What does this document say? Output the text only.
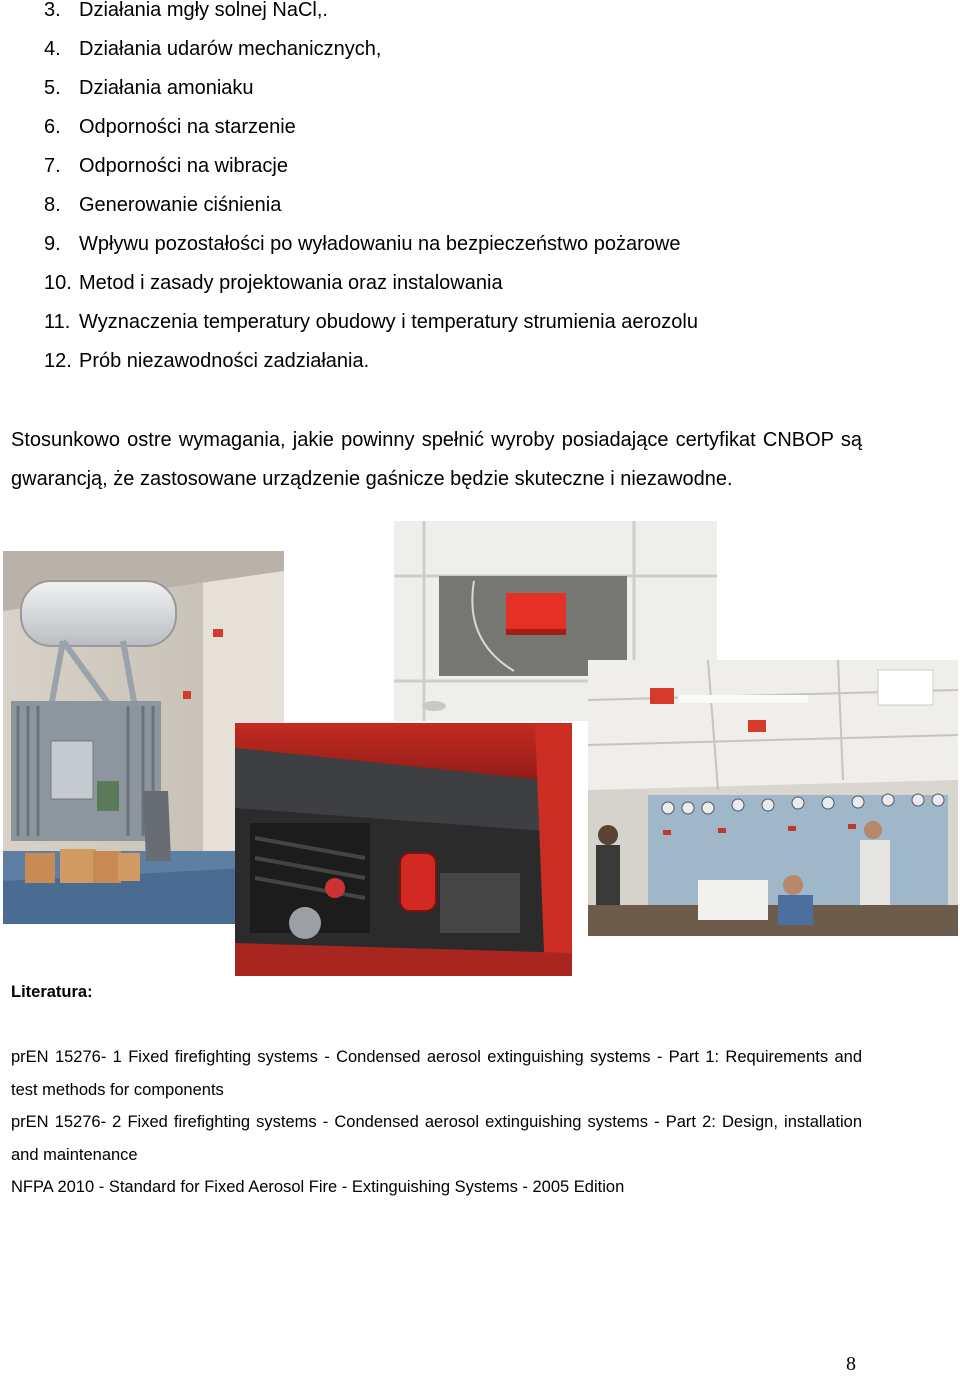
3. Działania mgły solnej NaCl,.
4. Działania udarów mechanicznych,
5. Działania amoniaku
6. Odporności na starzenie
7. Odporności na wibracje
8. Generowanie ciśnienia
9. Wpływu pozostałości po wyładowaniu na bezpieczeństwo pożarowe
10. Metod i zasady projektowania oraz instalowania
11. Wyznaczenia temperatury obudowy i temperatury strumienia aerozolu
12. Prób niezawodności zadziałania.

Stosunkowo ostre wymagania, jakie powinny spełnić wyroby posiadające certyfikat CNBOP są gwarancją, że zastosowane urządzenie gaśnicze będzie skuteczne i niezawodne.

Literatura:

prEN 15276- 1 Fixed firefighting systems - Condensed aerosol extinguishing systems - Part 1: Requirements and test methods for components

prEN 15276- 2 Fixed firefighting systems - Condensed aerosol extinguishing systems - Part 2: Design, installation and maintenance

NFPA 2010 - Standard for Fixed Aerosol Fire - Extinguishing Systems - 2005 Edition

8
